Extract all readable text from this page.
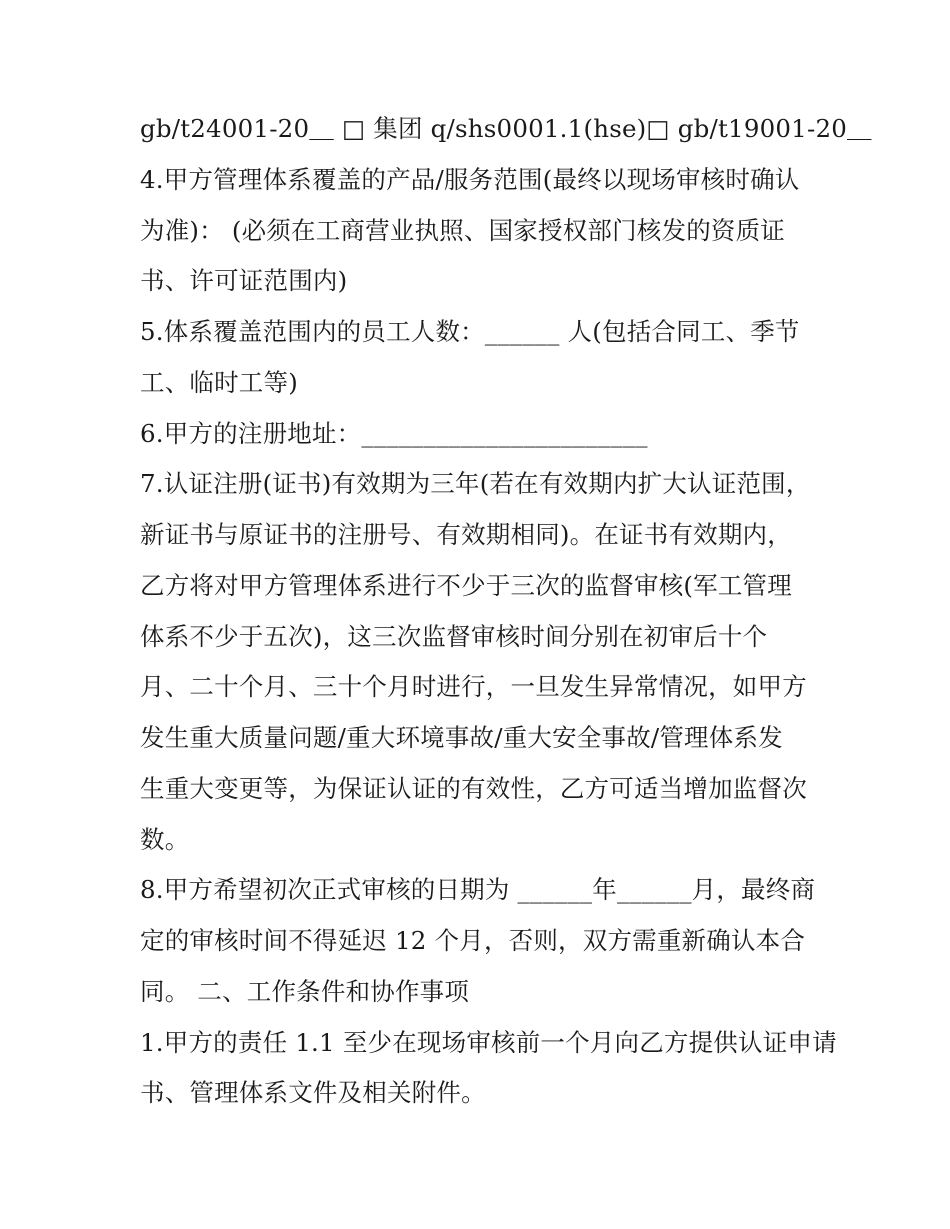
gb/t24001-20＿ □ 集团 q/shs0001.1(hse)□ gb/t19001-20＿
4.甲方管理体系覆盖的产品/服务范围(最终以现场审核时确认
为准)： (必须在工商营业执照、国家授权部门核发的资质证
书、许可证范围内)
5.体系覆盖范围内的员工人数：______ 人(包括合同工、季节
工、临时工等)
6.甲方的注册地址：_______________________
7.认证注册(证书)有效期为三年(若在有效期内扩大认证范围，
新证书与原证书的注册号、有效期相同)。在证书有效期内，
乙方将对甲方管理体系进行不少于三次的监督审核(军工管理
体系不少于五次)，这三次监督审核时间分别在初审后十个
月、二十个月、三十个月时进行，一旦发生异常情况，如甲方
发生重大质量问题/重大环境事故/重大安全事故/管理体系发
生重大变更等，为保证认证的有效性，乙方可适当增加监督次
数。
8.甲方希望初次正式审核的日期为 ______年______月，最终商
定的审核时间不得延迟 12 个月，否则，双方需重新确认本合
同。 二、工作条件和协作事项
1.甲方的责任 1.1 至少在现场审核前一个月向乙方提供认证申请
书、管理体系文件及相关附件。
